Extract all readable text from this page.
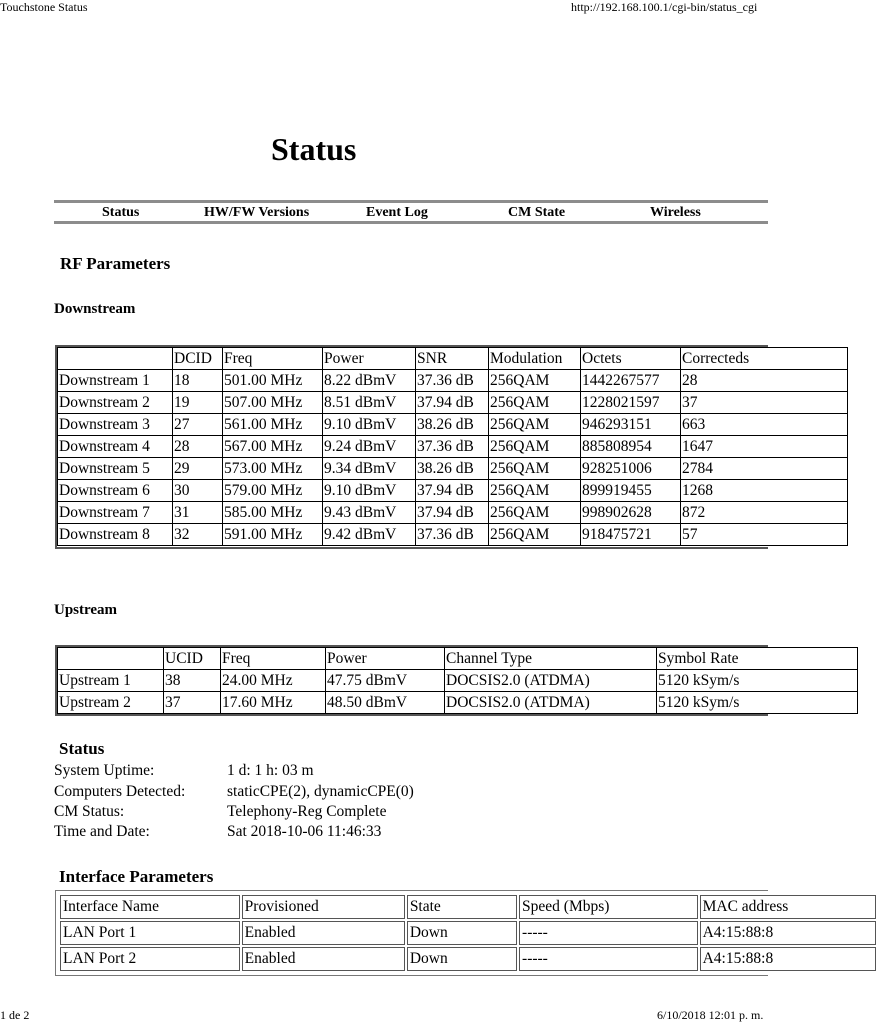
Touchstone Status	http://192.168.100.1/cgi-bin/status_cgi
1 de 2	6/10/2018 12:01 p. m.
Status
Status	HW/FW Versions	Event Log	CM State	Wireless
RF Parameters
Downstream
	DCID	Freq	Power	SNR	Modulation	Octets	Correcteds
Downstream 1	18	501.00 MHz	8.22 dBmV	37.36 dB	256QAM	1442267577	28
Downstream 2	19	507.00 MHz	8.51 dBmV	37.94 dB	256QAM	1228021597	37
Downstream 3	27	561.00 MHz	9.10 dBmV	38.26 dB	256QAM	946293151	663
Downstream 4	28	567.00 MHz	9.24 dBmV	37.36 dB	256QAM	885808954	1647
Downstream 5	29	573.00 MHz	9.34 dBmV	38.26 dB	256QAM	928251006	2784
Downstream 6	30	579.00 MHz	9.10 dBmV	37.94 dB	256QAM	899919455	1268
Downstream 7	31	585.00 MHz	9.43 dBmV	37.94 dB	256QAM	998902628	872
Downstream 8	32	591.00 MHz	9.42 dBmV	37.36 dB	256QAM	918475721	57
Upstream
	UCID	Freq	Power	Channel Type	Symbol Rate
Upstream 1	38	24.00 MHz	47.75 dBmV	DOCSIS2.0 (ATDMA)	5120 kSym/s
Upstream 2	37	17.60 MHz	48.50 dBmV	DOCSIS2.0 (ATDMA)	5120 kSym/s
Status
System Uptime:	1 d: 1 h: 03 m
Computers Detected:	staticCPE(2), dynamicCPE(0)
CM Status:	Telephony-Reg Complete
Time and Date:	Sat 2018-10-06 11:46:33
Interface Parameters
Interface Name	Provisioned	State	Speed (Mbps)	MAC address
LAN Port 1	Enabled	Down	-----	A4:15:88:8
LAN Port 2	Enabled	Down	-----	A4:15:88:8
